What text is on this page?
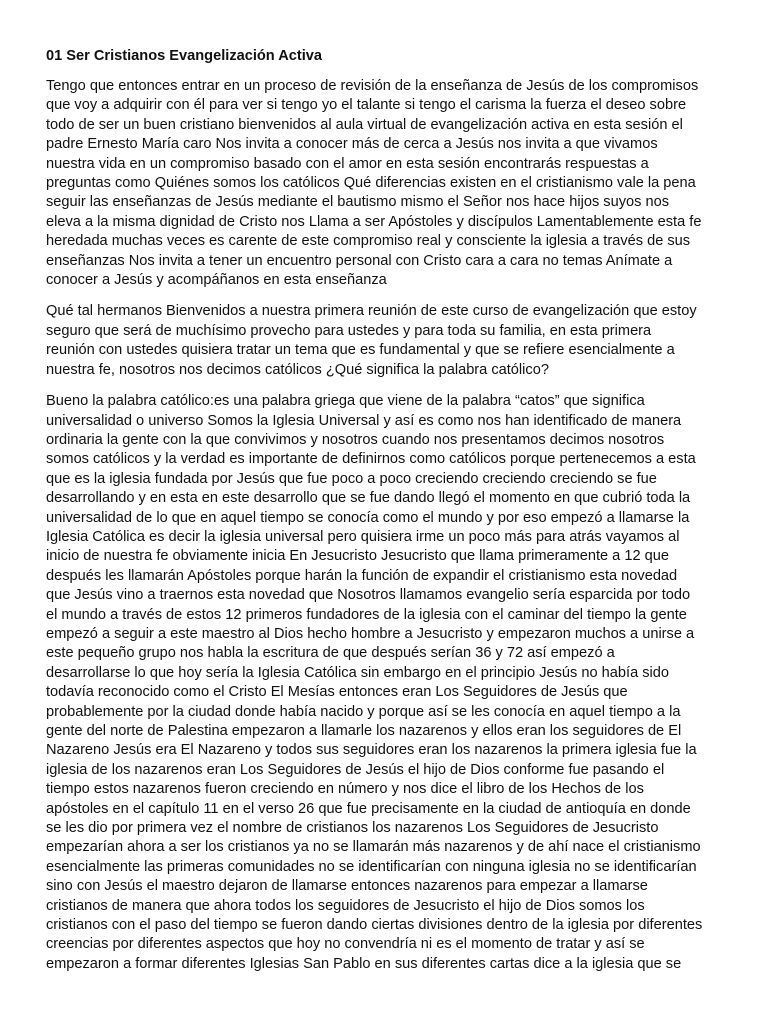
01 Ser Cristianos Evangelización Activa
Tengo que entonces entrar en un proceso de revisión de la enseñanza de Jesús de los compromisos
que voy a adquirir con él para ver si tengo yo el talante si tengo el carisma la fuerza el deseo sobre
todo de ser un buen cristiano bienvenidos al aula virtual de evangelización activa en esta sesión el
padre Ernesto María caro Nos invita a conocer más de cerca a Jesús nos invita a que vivamos
nuestra vida en un compromiso basado con el amor en esta sesión encontrarás respuestas a
preguntas como Quiénes somos los católicos Qué diferencias existen en el cristianismo vale la pena
seguir las enseñanzas de Jesús mediante el bautismo mismo el Señor nos hace hijos suyos nos
eleva a la misma dignidad de Cristo nos Llama a ser Apóstoles y discípulos Lamentablemente esta fe
heredada muchas veces es carente de este compromiso real y consciente la iglesia a través de sus
enseñanzas Nos invita a tener un encuentro personal con Cristo cara a cara no temas Anímate a
conocer a Jesús y acompáñanos en esta enseñanza
Qué tal hermanos Bienvenidos a nuestra primera reunión de este curso de evangelización que estoy
seguro que será de muchísimo provecho para ustedes y para toda su familia, en esta primera
reunión con ustedes quisiera tratar un tema que es fundamental y que se refiere esencialmente a
nuestra fe, nosotros nos decimos católicos ¿Qué significa la palabra católico?
Bueno la palabra católico:es una palabra griega que viene de la palabra “catos” que significa
universalidad o universo Somos la Iglesia Universal y así es como nos han identificado de manera
ordinaria la gente con la que convivimos y nosotros cuando nos presentamos decimos nosotros
somos católicos y la verdad es importante de definirnos como católicos porque pertenecemos a esta
que es la iglesia fundada por Jesús que fue poco a poco creciendo creciendo creciendo se fue
desarrollando y en esta en este desarrollo que se fue dando llegó el momento en que cubrió toda la
universalidad de lo que en aquel tiempo se conocía como el mundo y por eso empezó a llamarse la
Iglesia Católica es decir la iglesia universal pero quisiera irme un poco más para atrás vayamos al
inicio de nuestra fe obviamente inicia En Jesucristo Jesucristo que llama primeramente a 12 que
después les llamarán Apóstoles porque harán la función de expandir el cristianismo esta novedad
que Jesús vino a traernos esta novedad que Nosotros llamamos evangelio sería esparcida por todo
el mundo a través de estos 12 primeros fundadores de la iglesia con el caminar del tiempo la gente
empezó a seguir a este maestro al Dios hecho hombre a Jesucristo y empezaron muchos a unirse a
este pequeño grupo nos habla la escritura de que después serían 36 y 72 así empezó a
desarrollarse lo que hoy sería la Iglesia Católica sin embargo en el principio Jesús no había sido
todavía reconocido como el Cristo El Mesías entonces eran Los Seguidores de Jesús que
probablemente por la ciudad donde había nacido y porque así se les conocía en aquel tiempo a la
gente del norte de Palestina empezaron a llamarle los nazarenos y ellos eran los seguidores de El
Nazareno Jesús era El Nazareno y todos sus seguidores eran los nazarenos la primera iglesia fue la
iglesia de los nazarenos eran Los Seguidores de Jesús el hijo de Dios conforme fue pasando el
tiempo estos nazarenos fueron creciendo en número y nos dice el libro de los Hechos de los
apóstoles en el capítulo 11 en el verso 26 que fue precisamente en la ciudad de antioquía en donde
se les dio por primera vez el nombre de cristianos los nazarenos Los Seguidores de Jesucristo
empezarían ahora a ser los cristianos ya no se llamarán más nazarenos y de ahí nace el cristianismo
esencialmente las primeras comunidades no se identificarían con ninguna iglesia no se identificarían
sino con Jesús el maestro dejaron de llamarse entonces nazarenos para empezar a llamarse
cristianos de manera que ahora todos los seguidores de Jesucristo el hijo de Dios somos los
cristianos con el paso del tiempo se fueron dando ciertas divisiones dentro de la iglesia por diferentes
creencias por diferentes aspectos que hoy no convendría ni es el momento de tratar y así se
empezaron a formar diferentes Iglesias San Pablo en sus diferentes cartas dice a la iglesia que se
